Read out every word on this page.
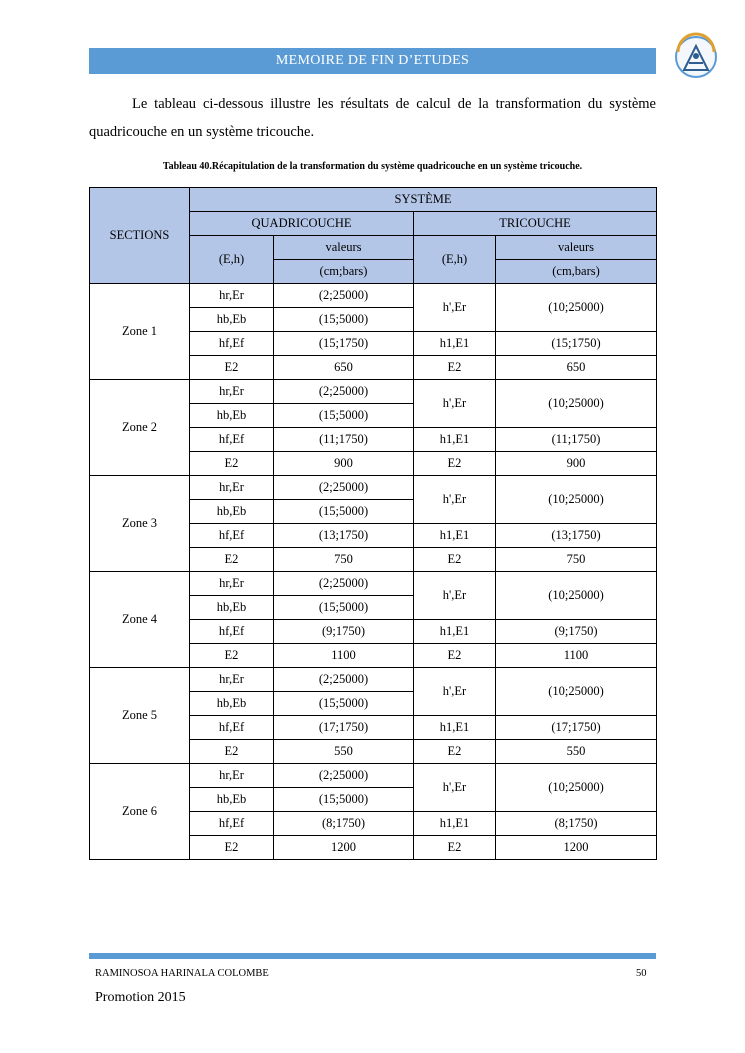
MEMOIRE DE FIN D’ETUDES

Le tableau ci-dessous illustre les résultats de calcul de la transformation du système quadricouche en un système tricouche.

Tableau 40.Récapitulation de la transformation du système quadricouche en un système tricouche.
SECTIONS	SYSTÈME			
	QUADRICOUCHE		TRICOUCHE	
	(E,h)	valeurs	(E,h)	valeurs
		(cm;bars)		(cm,bars)
Zone 1	hr,Er	(2;25000)	h',Er	(10;25000)
	hb,Eb	(15;5000)		
	hf,Ef	(15;1750)	h1,E1	(15;1750)
	E2	650	E2	650
Zone 2	hr,Er	(2;25000)	h',Er	(10;25000)
	hb,Eb	(15;5000)		
	hf,Ef	(11;1750)	h1,E1	(11;1750)
	E2	900	E2	900
Zone 3	hr,Er	(2;25000)	h',Er	(10;25000)
	hb,Eb	(15;5000)		
	hf,Ef	(13;1750)	h1,E1	(13;1750)
	E2	750	E2	750
Zone 4	hr,Er	(2;25000)	h',Er	(10;25000)
	hb,Eb	(15;5000)		
	hf,Ef	(9;1750)	h1,E1	(9;1750)
	E2	1100	E2	1100
Zone 5	hr,Er	(2;25000)	h',Er	(10;25000)
	hb,Eb	(15;5000)		
	hf,Ef	(17;1750)	h1,E1	(17;1750)
	E2	550	E2	550
Zone 6	hr,Er	(2;25000)	h',Er	(10;25000)
	hb,Eb	(15;5000)		
	hf,Ef	(8;1750)	h1,E1	(8;1750)
	E2	1200	E2	1200
RAMINOSOA HARINALA COLOMBE	50
Promotion 2015
